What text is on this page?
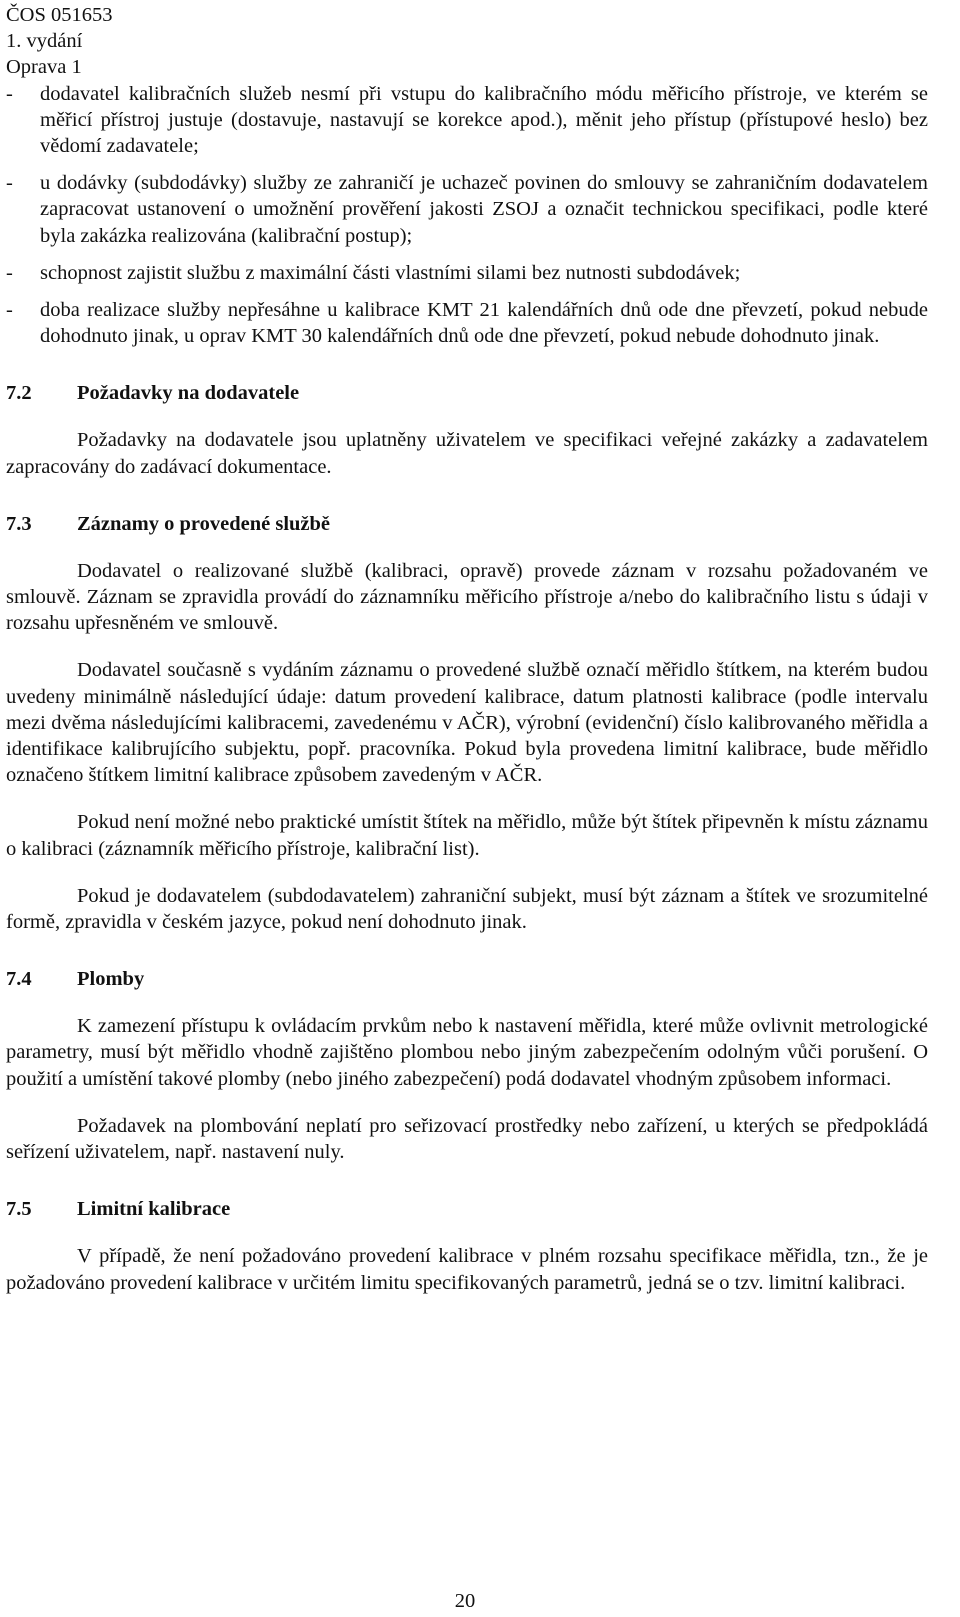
ČOS 051653
1. vydání
Oprava 1
- dodavatel kalibračních služeb nesmí při vstupu do kalibračního módu měřicího přístroje, ve kterém se měřicí přístroj justuje (dostavuje, nastavují se korekce apod.), měnit jeho přístup (přístupové heslo) bez vědomí zadavatele;
- u dodávky (subdodávky) služby ze zahraničí je uchazeč povinen do smlouvy se zahraničním dodavatelem zapracovat ustanovení o umožnění prověření jakosti ZSOJ a označit technickou specifikaci, podle které byla zakázka realizována (kalibrační postup);
- schopnost zajistit službu z maximální části vlastními silami bez nutnosti subdodávek;
- doba realizace služby nepřesáhne u kalibrace KMT 21 kalendářních dnů ode dne převzetí, pokud nebude dohodnuto jinak, u oprav KMT 30 kalendářních dnů ode dne převzetí, pokud nebude dohodnuto jinak.
7.2 Požadavky na dodavatele

Požadavky na dodavatele jsou uplatněny uživatelem ve specifikaci veřejné zakázky a zadavatelem zapracovány do zadávací dokumentace.

7.3 Záznamy o provedené službě

Dodavatel o realizované službě (kalibraci, opravě) provede záznam v rozsahu požadovaném ve smlouvě. Záznam se zpravidla provádí do záznamníku měřicího přístroje a/nebo do kalibračního listu s údaji v rozsahu upřesněném ve smlouvě.

Dodavatel současně s vydáním záznamu o provedené službě označí měřidlo štítkem, na kterém budou uvedeny minimálně následující údaje: datum provedení kalibrace, datum platnosti kalibrace (podle intervalu mezi dvěma následujícími kalibracemi, zavedenému v AČR), výrobní (evidenční) číslo kalibrovaného měřidla a identifikace kalibrujícího subjektu, popř. pracovníka. Pokud byla provedena limitní kalibrace, bude měřidlo označeno štítkem limitní kalibrace způsobem zavedeným v AČR.

Pokud není možné nebo praktické umístit štítek na měřidlo, může být štítek připevněn k místu záznamu o kalibraci (záznamník měřicího přístroje, kalibrační list).

Pokud je dodavatelem (subdodavatelem) zahraniční subjekt, musí být záznam a štítek ve srozumitelné formě, zpravidla v českém jazyce, pokud není dohodnuto jinak.

7.4 Plomby

K zamezení přístupu k ovládacím prvkům nebo k nastavení měřidla, které může ovlivnit metrologické parametry, musí být měřidlo vhodně zajištěno plombou nebo jiným zabezpečením odolným vůči porušení. O použití a umístění takové plomby (nebo jiného zabezpečení) podá dodavatel vhodným způsobem informaci.

Požadavek na plombování neplatí pro seřizovací prostředky nebo zařízení, u kterých se předpokládá seřízení uživatelem, např. nastavení nuly.

7.5 Limitní kalibrace

V případě, že není požadováno provedení kalibrace v plném rozsahu specifikace měřidla, tzn., že je požadováno provedení kalibrace v určitém limitu specifikovaných parametrů, jedná se o tzv. limitní kalibraci.

20
